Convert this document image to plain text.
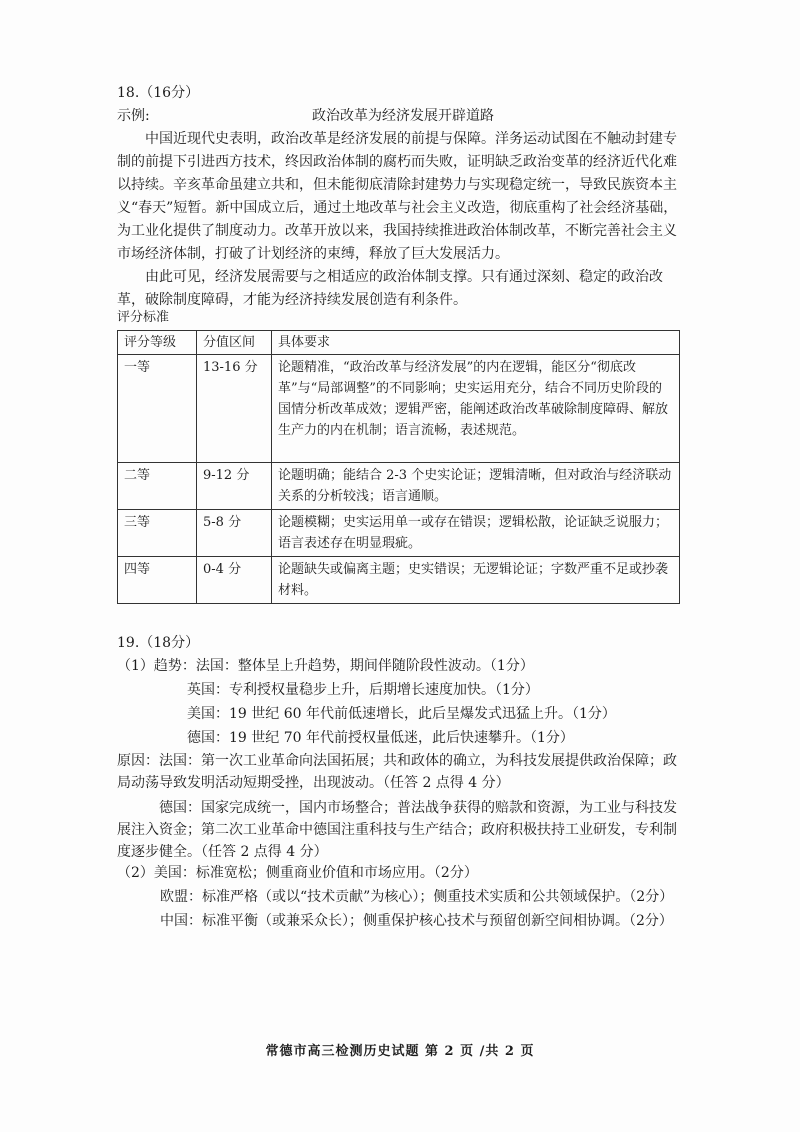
18.（16分）
示例:	政治改革为经济发展开辟道路

中国近现代史表明，政治改革是经济发展的前提与保障。洋务运动试图在不触动封建专制的前提下引进西方技术，终因政治体制的腐朽而失败，证明缺乏政治变革的经济近代化难以持续。辛亥革命虽建立共和，但未能彻底清除封建势力与实现稳定统一，导致民族资本主义“春天”短暂。新中国成立后，通过土地改革与社会主义改造，彻底重构了社会经济基础，为工业化提供了制度动力。改革开放以来，我国持续推进政治体制改革，不断完善社会主义市场经济体制，打破了计划经济的束缚，释放了巨大发展活力。

由此可见，经济发展需要与之相适应的政治体制支撑。只有通过深刻、稳定的政治改革，破除制度障碍，才能为经济持续发展创造有利条件。

评分标准
评分等级	分值区间	具体要求
一等	13-16 分	论题精准，“政治改革与经济发展”的内在逻辑，能区分“彻底改革”与“局部调整”的不同影响；史实运用充分，结合不同历史阶段的国情分析改革成效；逻辑严密，能阐述政治改革破除制度障碍、解放生产力的内在机制；语言流畅，表述规范。
二等	9-12 分	论题明确；能结合 2-3 个史实论证；逻辑清晰，但对政治与经济联动关系的分析较浅；语言通顺。
三等	5-8 分	论题模糊；史实运用单一或存在错误；逻辑松散，论证缺乏说服力；语言表述存在明显瑕疵。
四等	0-4 分	论题缺失或偏离主题；史实错误；无逻辑论证；字数严重不足或抄袭材料。
19.（18分）
（1）趋势：法国：整体呈上升趋势，期间伴随阶段性波动。（1分）
英国：专利授权量稳步上升，后期增长速度加快。（1分）
美国：19 世纪 60 年代前低速增长，此后呈爆发式迅猛上升。（1分）
德国：19 世纪 70 年代前授权量低迷，此后快速攀升。（1分）
原因：法国：第一次工业革命向法国拓展；共和政体的确立，为科技发展提供政治保障；政局动荡导致发明活动短期受挫，出现波动。（任答 2 点得 4 分）
德国：国家完成统一，国内市场整合；普法战争获得的赔款和资源，为工业与科技发展注入资金；第二次工业革命中德国注重科技与生产结合；政府积极扶持工业研发，专利制度逐步健全。（任答 2 点得 4 分）
（2）美国：标准宽松；侧重商业价值和市场应用。（2分）
欧盟：标准严格（或以“技术贡献”为核心）；侧重技术实质和公共领域保护。（2分）
中国：标准平衡（或兼采众长）；侧重保护核心技术与预留创新空间相协调。（2分）
常德市高三检测历史试题 第 2 页 /共 2 页
